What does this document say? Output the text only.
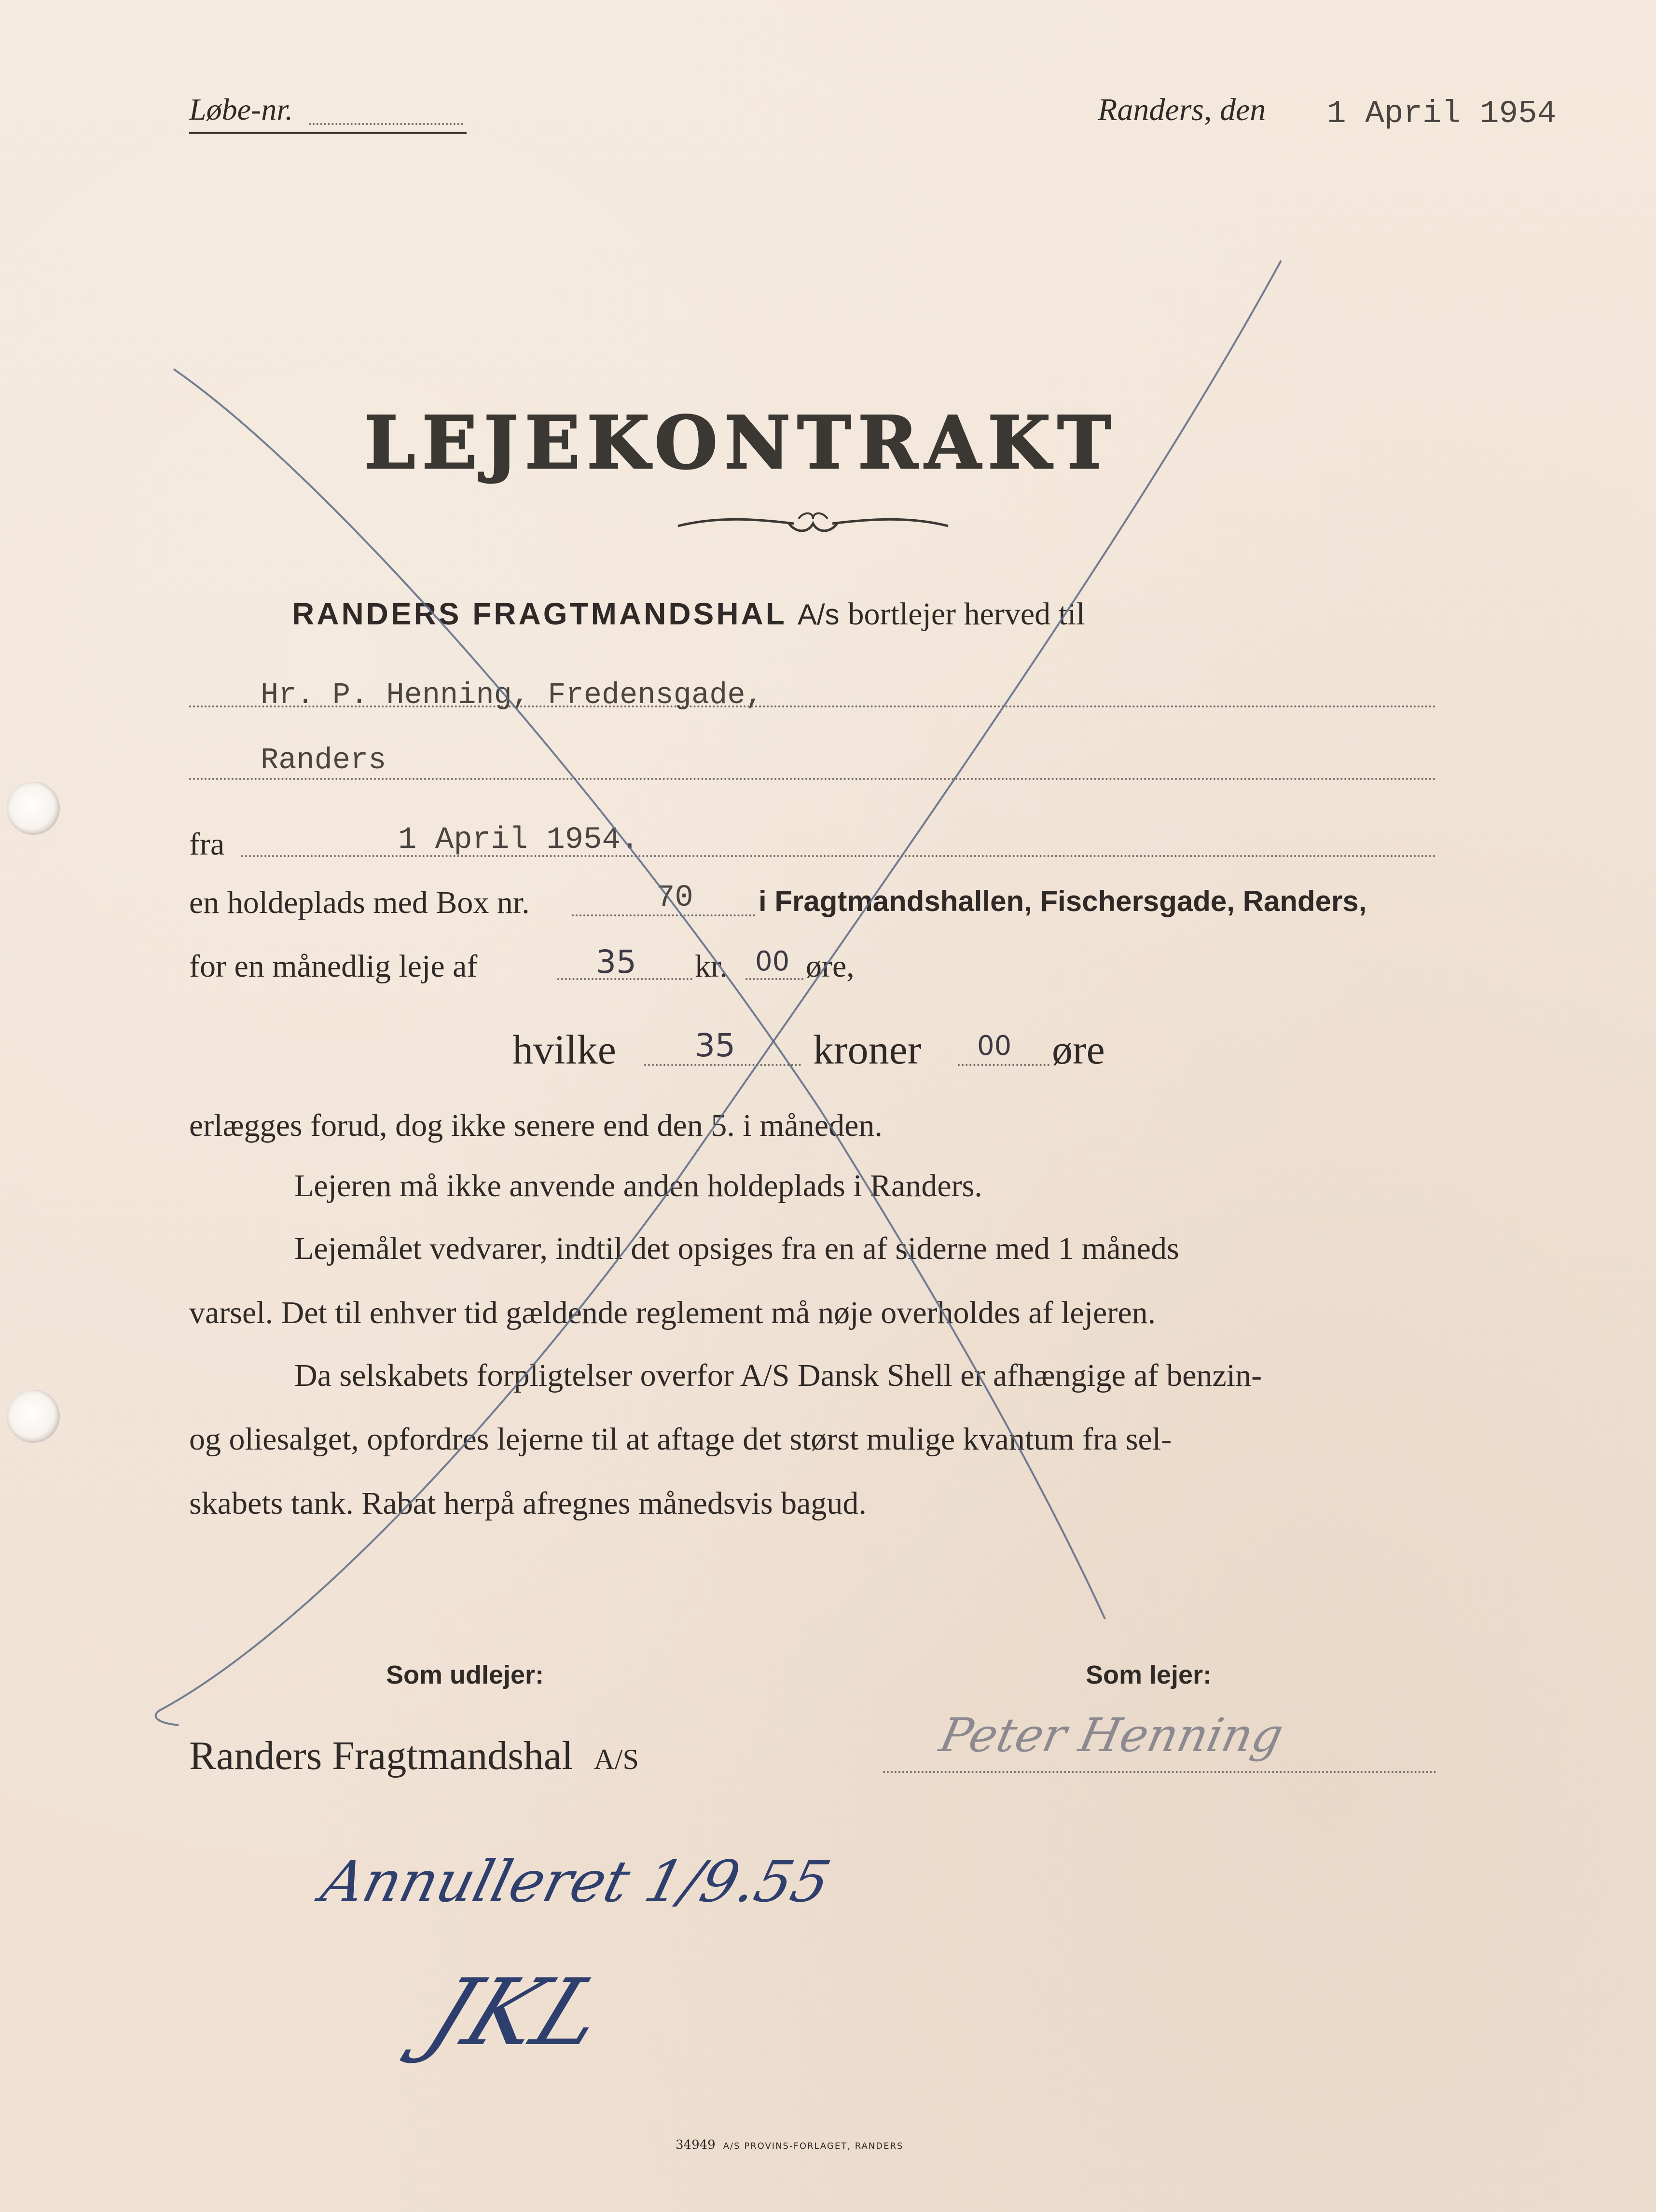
Løbe-nr.	Randers, den 1 April 1954
LEJEKONTRAKT
RANDERS FRAGTMANDSHAL A/s bortlejer herved til
Hr. P. Henning, Fredensgade,
Randers
fra	1 April 1954.
en holdeplads med Box nr.	70 i Fragtmandshallen, Fischersgade, Randers,
for en månedlig leje af	35 kr. 00 øre,
hvilke 35 kroner 00 øre
erlægges forud, dog ikke senere end den 5. i måneden.
Lejeren må ikke anvende anden holdeplads i Randers.
Lejemålet vedvarer, indtil det opsiges fra en af siderne med 1 måneds
varsel. Det til enhver tid gældende reglement må nøje overholdes af lejeren.
Da selskabets forpligtelser overfor A/S Dansk Shell er afhængige af benzin-
og oliesalget, opfordres lejerne til at aftage det størst mulige kvantum fra sel-
skabets tank. Rabat herpå afregnes månedsvis bagud.
Som udlejer:	Som lejer:
Randers Fragtmandshal A/S	Peter Henning
Annulleret 1/9.55
JKL
34949 A/S PROVINS-FORLAGET, RANDERS
